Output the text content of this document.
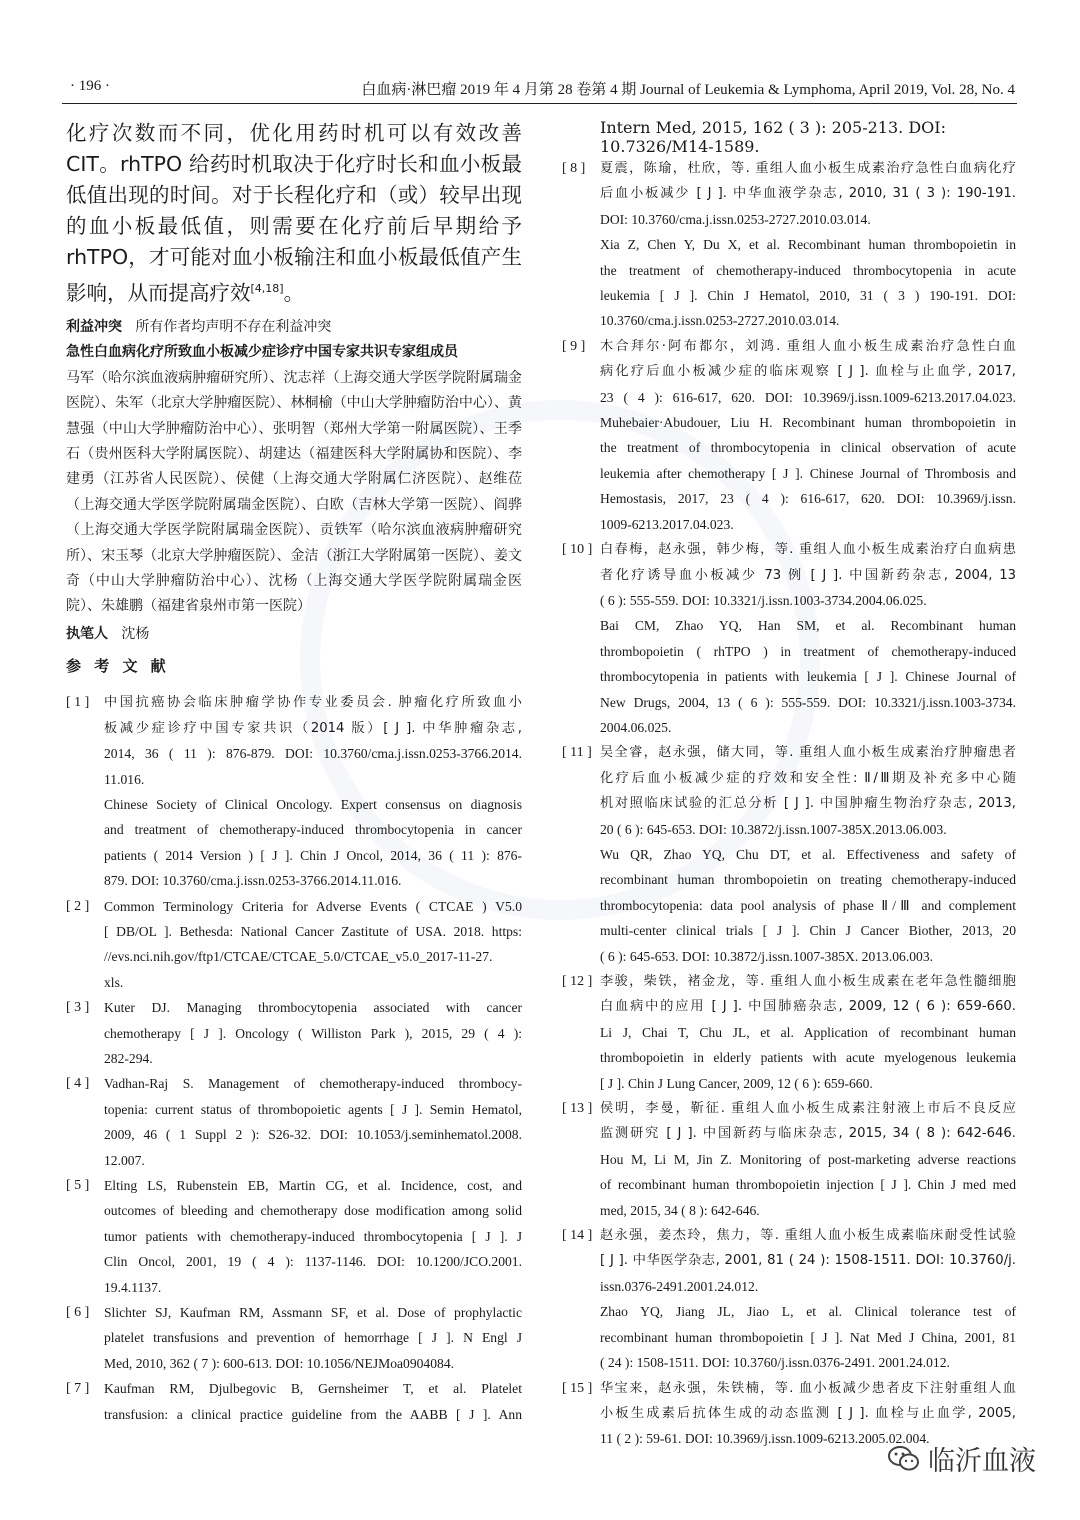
· 196 ·	白血病·淋巴瘤 2019 年 4 月第 28 卷第 4 期 Journal of Leukemia & Lymphoma, April 2019, Vol. 28, No. 4

化疗次数而不同，优化用药时机可以有效改善 CIT。rhTPO 给药时机取决于化疗时长和血小板最低值出现的时间。对于长程化疗和（或）较早出现的血小板最低值，则需要在化疗前后早期给予 rhTPO，才可能对血小板输注和血小板最低值产生影响，从而提高疗效[4,18]。

利益冲突 所有作者均声明不存在利益冲突

急性白血病化疗所致血小板减少症诊疗中国专家共识专家组成员

马军（哈尔滨血液病肿瘤研究所）、沈志祥（上海交通大学医学院附属瑞金医院）、朱军（北京大学肿瘤医院）、林桐榆（中山大学肿瘤防治中心）、黄慧强（中山大学肿瘤防治中心）、张明智（郑州大学第一附属医院）、王季石（贵州医科大学附属医院）、胡建达（福建医科大学附属协和医院）、李建勇（江苏省人民医院）、侯健（上海交通大学附属仁济医院）、赵维莅（上海交通大学医学院附属瑞金医院）、白欧（吉林大学第一医院）、阎骅（上海交通大学医学院附属瑞金医院）、贡铁军（哈尔滨血液病肿瘤研究所）、宋玉琴（北京大学肿瘤医院）、金洁（浙江大学附属第一医院）、姜文奇（中山大学肿瘤防治中心）、沈杨（上海交通大学医学院附属瑞金医院）、朱雄鹏（福建省泉州市第一医院）

执笔人 沈杨

参 考 文 献
[ 1 ] 中国抗癌协会临床肿瘤学协作专业委员会. 肿瘤化疗所致血小
板减少症诊疗中国专家共识（2014 版）[ J ]. 中华肿瘤杂志,
2014, 36 ( 11 ): 876-879. DOI: 10.3760/cma.j.issn.0253-3766.2014.
11.016.
Chinese Society of Clinical Oncology. Expert consensus on diagnosis
and treatment of chemotherapy-induced thrombocytopenia in cancer
patients ( 2014 Version ) [ J ]. Chin J Oncol, 2014, 36 ( 11 ): 876-
879. DOI: 10.3760/cma.j.issn.0253-3766.2014.11.016.
[ 2 ] Common Terminology Criteria for Adverse Events ( CTCAE ) V5.0
[ DB/OL ]. Bethesda: National Cancer Zastitute of USA. 2018. https:
//evs.nci.nih.gov/ftp1/CTCAE/CTCAE_5.0/CTCAE_v5.0_2017-11-27.
xls.
[ 3 ] Kuter DJ. Managing thrombocytopenia associated with cancer
chemotherapy [ J ]. Oncology ( Williston Park ), 2015, 29 ( 4 ):
282-294.
[ 4 ] Vadhan-Raj S. Management of chemotherapy-induced thrombocy-
topenia: current status of thrombopoietic agents [ J ]. Semin Hematol,
2009, 46 ( 1 Suppl 2 ): S26-32. DOI: 10.1053/j.seminhematol.2008.
12.007.
[ 5 ] Elting LS, Rubenstein EB, Martin CG, et al. Incidence, cost, and
outcomes of bleeding and chemotherapy dose modification among solid
tumor patients with chemotherapy-induced thrombocytopenia [ J ]. J
Clin Oncol, 2001, 19 ( 4 ): 1137-1146. DOI: 10.1200/JCO.2001.
19.4.1137.
[ 6 ] Slichter SJ, Kaufman RM, Assmann SF, et al. Dose of prophylactic
platelet transfusions and prevention of hemorrhage [ J ]. N Engl J
Med, 2010, 362 ( 7 ): 600-613. DOI: 10.1056/NEJMoa0904084.
[ 7 ] Kaufman RM, Djulbegovic B, Gernsheimer T, et al. Platelet
transfusion: a clinical practice guideline from the AABB [ J ]. Ann
Intern Med, 2015, 162 ( 3 ): 205-213. DOI: 10.7326/M14-1589.
[ 8 ] 夏震，陈瑜，杜欣，等. 重组人血小板生成素治疗急性白血病化疗
后血小板减少 [ J ]. 中华血液学杂志, 2010, 31 ( 3 ): 190-191.
DOI: 10.3760/cma.j.issn.0253-2727.2010.03.014.
Xia Z, Chen Y, Du X, et al. Recombinant human thrombopoietin in
the treatment of chemotherapy-induced thrombocytopenia in acute
leukemia [ J ]. Chin J Hematol, 2010, 31 ( 3 ) 190-191. DOI:
10.3760/cma.j.issn.0253-2727.2010.03.014.
[ 9 ] 木合拜尔·阿布都尔，刘鸿. 重组人血小板生成素治疗急性白血
病化疗后血小板减少症的临床观察 [ J ]. 血栓与止血学, 2017,
23 ( 4 ): 616-617, 620. DOI: 10.3969/j.issn.1009-6213.2017.04.023.
Muhebaier·Abudouer, Liu H. Recombinant human thrombopoietin in
the treatment of thrombocytopenia in clinical observation of acute
leukemia after chemotherapy [ J ]. Chinese Journal of Thrombosis and
Hemostasis, 2017, 23 ( 4 ): 616-617, 620. DOI: 10.3969/j.issn.
1009-6213.2017.04.023.
[ 10 ] 白春梅，赵永强，韩少梅，等. 重组人血小板生成素治疗白血病患
者化疗诱导血小板减少 73 例 [ J ]. 中国新药杂志, 2004, 13
( 6 ): 555-559. DOI: 10.3321/j.issn.1003-3734.2004.06.025.
Bai CM, Zhao YQ, Han SM, et al. Recombinant human
thrombopoietin ( rhTPO ) in treatment of chemotherapy-induced
thrombocytopenia in patients with leukemia [ J ]. Chinese Journal of
New Drugs, 2004, 13 ( 6 ): 555-559. DOI: 10.3321/j.issn.1003-3734.
2004.06.025.
[ 11 ] 吴全睿，赵永强，储大同，等. 重组人血小板生成素治疗肿瘤患者
化疗后血小板减少症的疗效和安全性: Ⅱ/Ⅲ期及补充多中心随
机对照临床试验的汇总分析 [ J ]. 中国肿瘤生物治疗杂志, 2013,
20 ( 6 ): 645-653. DOI: 10.3872/j.issn.1007-385X.2013.06.003.
Wu QR, Zhao YQ, Chu DT, et al. Effectiveness and safety of
recombinant human thrombopoietin on treating chemotherapy-induced
thrombocytopenia: data pool analysis of phase Ⅱ/Ⅲ and complement
multi-center clinical trials [ J ]. Chin J Cancer Biother, 2013, 20
( 6 ): 645-653. DOI: 10.3872/j.issn.1007-385X. 2013.06.003.
[ 12 ] 李骏，柴铁，褚金龙，等. 重组人血小板生成素在老年急性髓细胞
白血病中的应用 [ J ]. 中国肺癌杂志, 2009, 12 ( 6 ): 659-660.
Li J, Chai T, Chu JL, et al. Application of recombinant human
thrombopoietin in elderly patients with acute myelogenous leukemia
[ J ]. Chin J Lung Cancer, 2009, 12 ( 6 ): 659-660.
[ 13 ] 侯明，李曼，靳征. 重组人血小板生成素注射液上市后不良反应
监测研究 [ J ]. 中国新药与临床杂志, 2015, 34 ( 8 ): 642-646.
Hou M, Li M, Jin Z. Monitoring of post-marketing adverse reactions
of recombinant human thrombopoietin injection [ J ]. Chin J med med
med, 2015, 34 ( 8 ): 642-646.
[ 14 ] 赵永强，姜杰玲，焦力，等. 重组人血小板生成素临床耐受性试验
[ J ]. 中华医学杂志, 2001, 81 ( 24 ): 1508-1511. DOI: 10.3760/j.
issn.0376-2491.2001.24.012.
Zhao YQ, Jiang JL, Jiao L, et al. Clinical tolerance test of
recombinant human thrombopoietin [ J ]. Nat Med J China, 2001, 81
( 24 ): 1508-1511. DOI: 10.3760/j.issn.0376-2491. 2001.24.012.
[ 15 ] 华宝来，赵永强，朱铁楠，等. 血小板减少患者皮下注射重组人血
小板生成素后抗体生成的动态监测 [ J ]. 血栓与止血学, 2005,
11 ( 2 ): 59-61. DOI: 10.3969/j.issn.1009-6213.2005.02.004.
临沂血液
